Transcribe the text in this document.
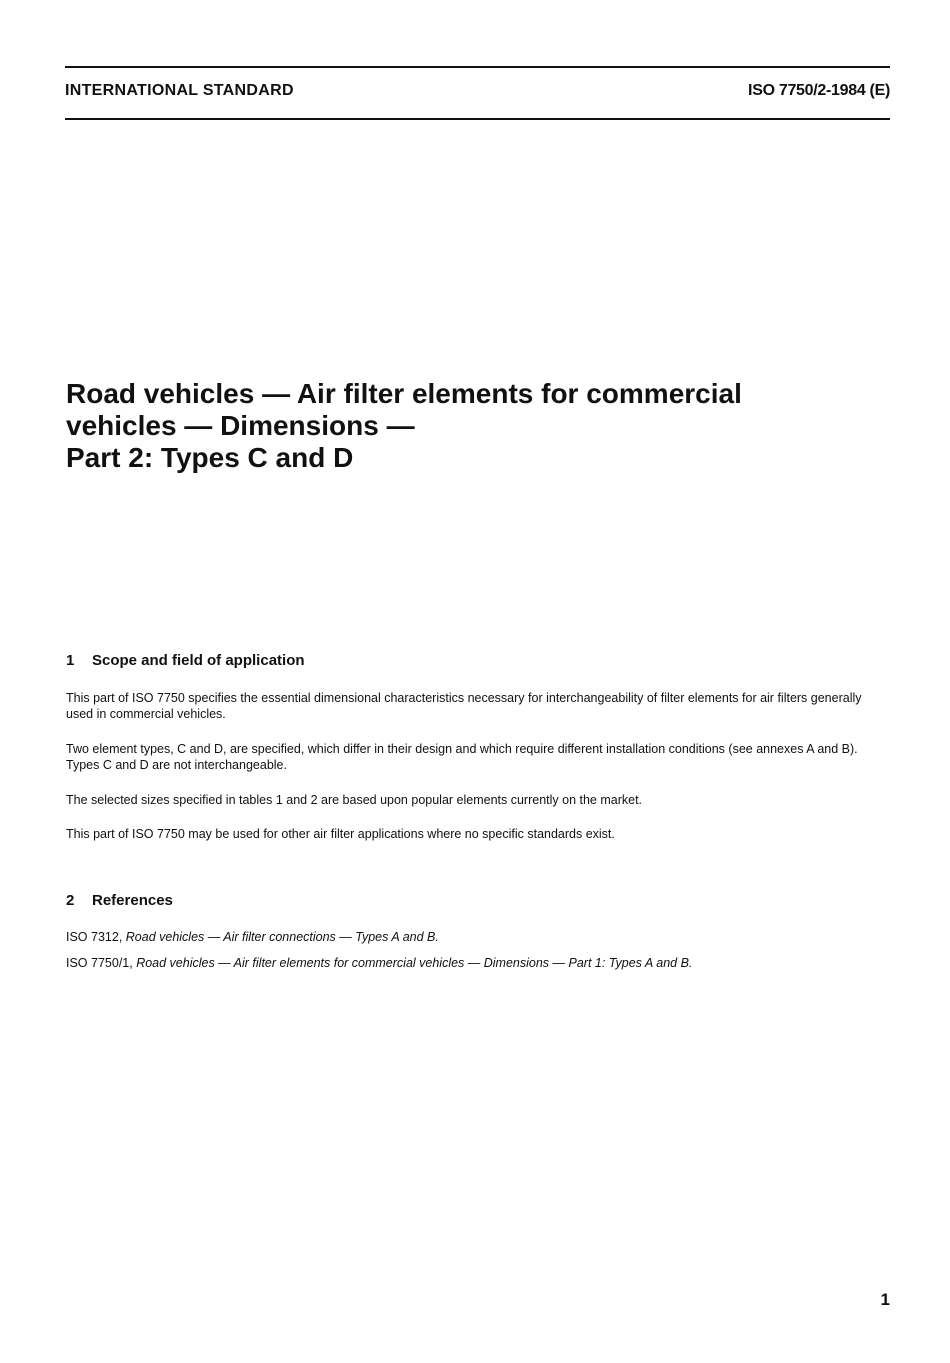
INTERNATIONAL STANDARD	ISO 7750/2-1984 (E)
Road vehicles — Air filter elements for commercial
vehicles — Dimensions —
Part 2: Types C and D
1 Scope and field of application

This part of ISO 7750 specifies the essential dimensional characteristics necessary for interchangeability of filter elements for air filters generally used in commercial vehicles.

Two element types, C and D, are specified, which differ in their design and which require different installation conditions (see annexes A and B). Types C and D are not interchangeable.

The selected sizes specified in tables 1 and 2 are based upon popular elements currently on the market.

This part of ISO 7750 may be used for other air filter applications where no specific standards exist.

2 References

ISO 7312, Road vehicles — Air filter connections — Types A and B.

ISO 7750/1, Road vehicles — Air filter elements for commercial vehicles — Dimensions — Part 1: Types A and B.

1
